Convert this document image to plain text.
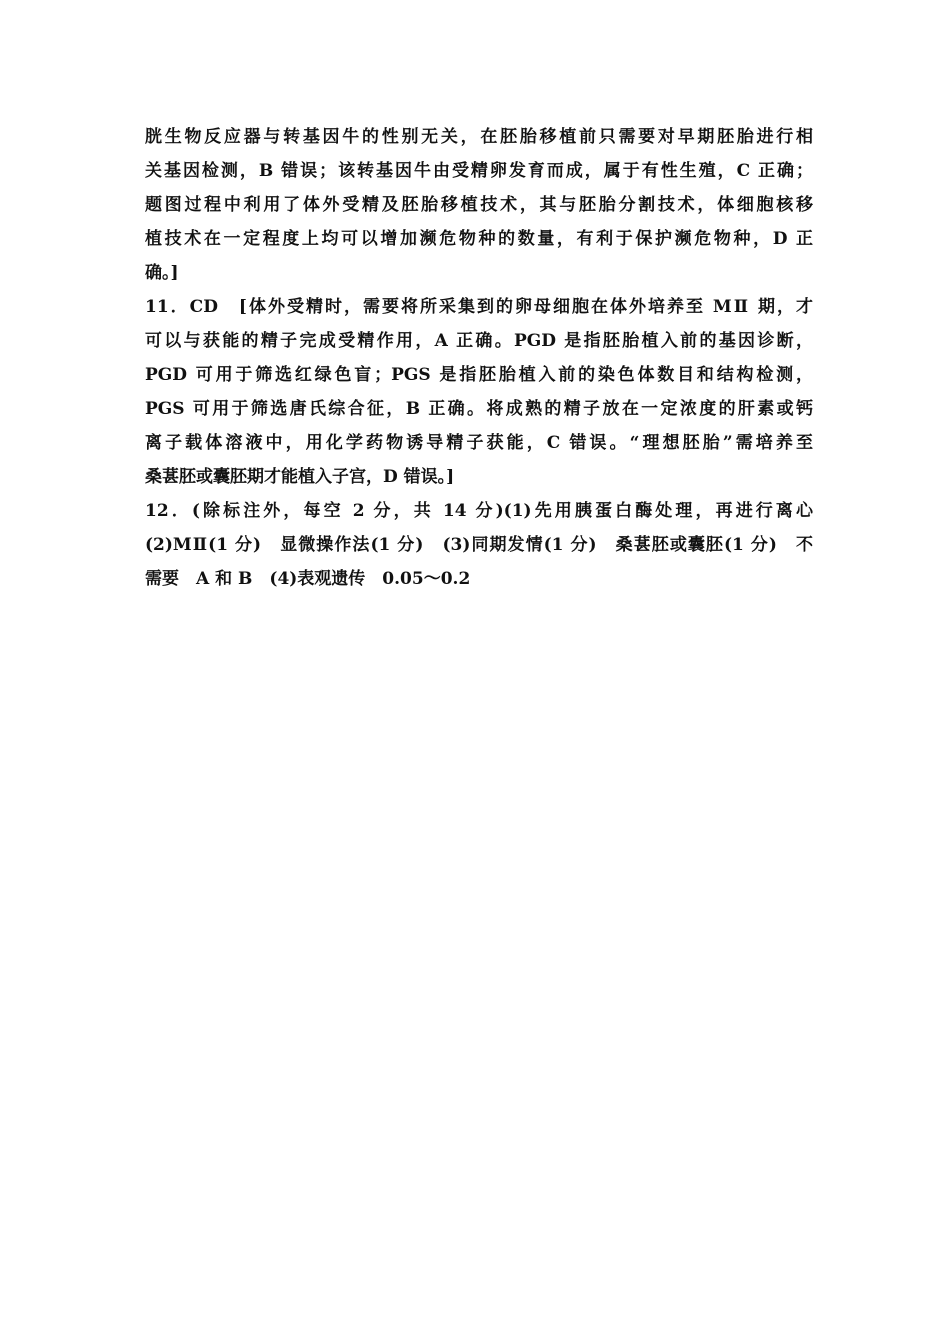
胱生物反应器与转基因牛的性别无关，在胚胎移植前只需要对早期胚胎进行相
关基因检测，B 错误；该转基因牛由受精卵发育而成，属于有性生殖，C 正确；
题图过程中利用了体外受精及胚胎移植技术，其与胚胎分割技术，体细胞核移
植技术在一定程度上均可以增加濒危物种的数量，有利于保护濒危物种，D 正
确。]
11．CD　[体外受精时，需要将所采集到的卵母细胞在体外培养至 MⅡ 期，才
可以与获能的精子完成受精作用，A 正确。PGD 是指胚胎植入前的基因诊断，
PGD 可用于筛选红绿色盲；PGS 是指胚胎植入前的染色体数目和结构检测，
PGS 可用于筛选唐氏综合征，B 正确。将成熟的精子放在一定浓度的肝素或钙
离子载体溶液中，用化学药物诱导精子获能，C 错误。“理想胚胎”需培养至
桑葚胚或囊胚期才能植入子宫，D 错误。]
12．(除标注外，每空 2 分，共 14 分)(1)先用胰蛋白酶处理，再进行离心
(2)MⅡ(1 分)　显微操作法(1 分)　(3)同期发情(1 分)　桑葚胚或囊胚(1 分)　不
需要　A 和 B　(4)表观遗传　0.05～0.2
